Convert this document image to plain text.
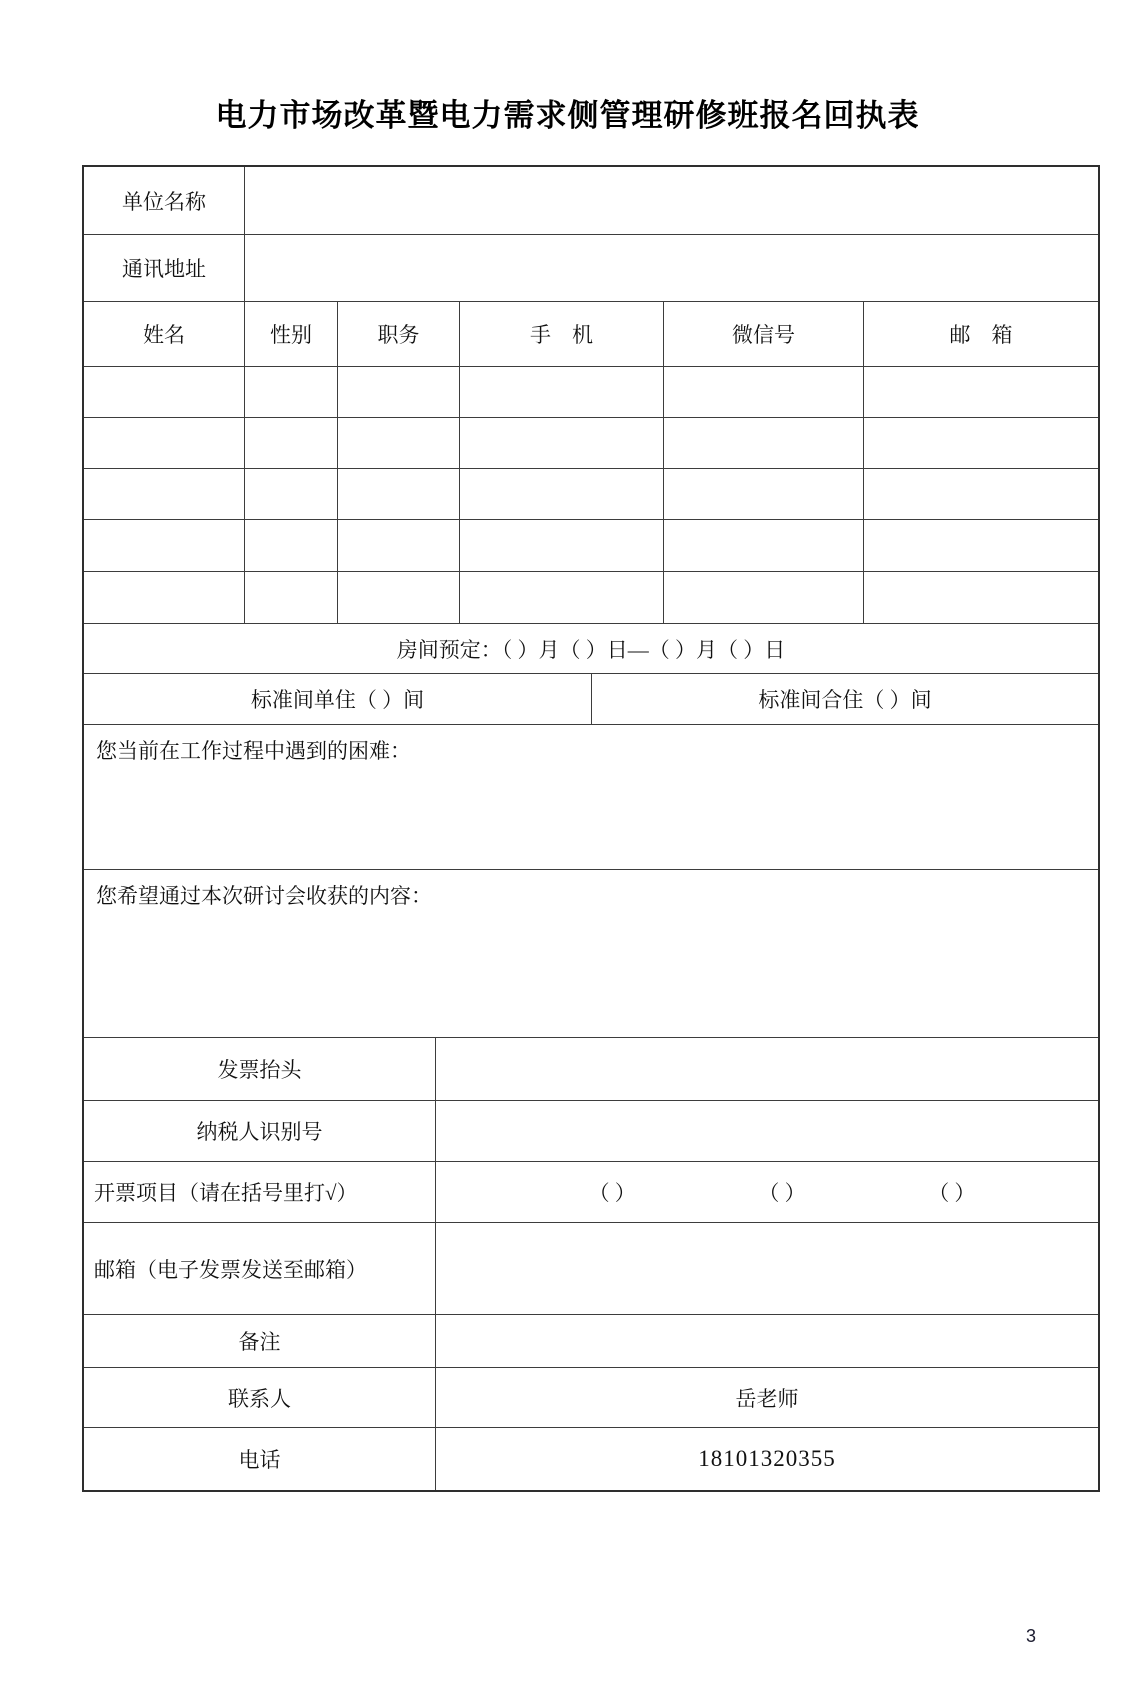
电力市场改革暨电力需求侧管理研修班报名回执表
单位名称
通讯地址
姓名	性别	职务	手　机	微信号	邮　箱
房间预定：（ ）月（ ）日—（ ）月（ ）日
标准间单住（ ）间	标准间合住（ ）间
您当前在工作过程中遇到的困难：
您希望通过本次研讨会收获的内容：
发票抬头
纳税人识别号
开票项目（请在括号里打√）	（ ）	（ ）	（ ）
邮箱（电子发票发送至邮箱）
备注
联系人	岳老师
电话	18101320355
3
